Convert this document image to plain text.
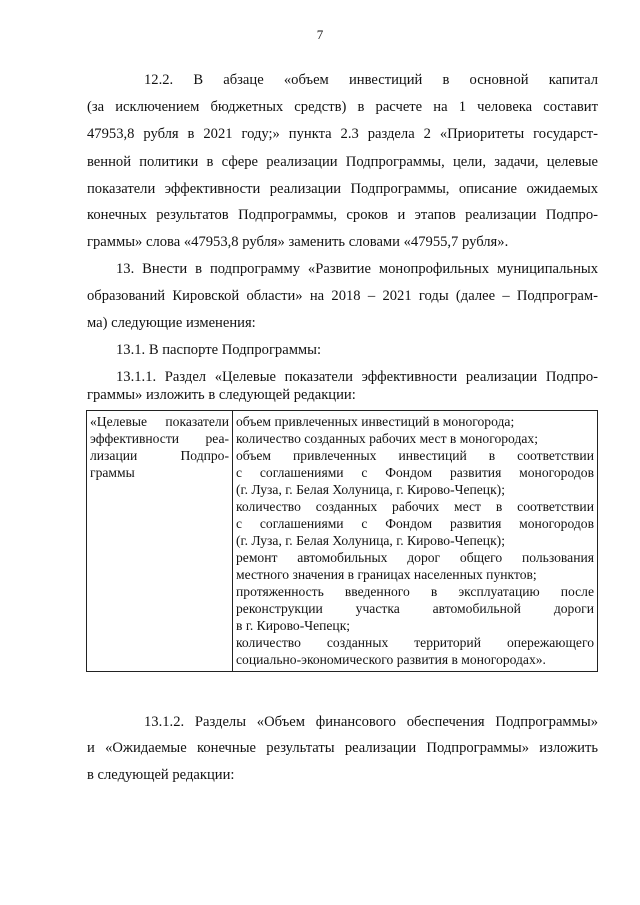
7
12.2. В абзаце «объем инвестиций в основной капитал
(за исключением бюджетных средств) в расчете на 1 человека составит
47953,8 рубля в 2021 году;» пункта 2.3 раздела 2 «Приоритеты государст-
венной политики в сфере реализации Подпрограммы, цели, задачи, целевые
показатели эффективности реализации Подпрограммы, описание ожидаемых
конечных результатов Подпрограммы, сроков и этапов реализации Подпро-
граммы» слова «47953,8 рубля» заменить словами «47955,7 рубля».
13. Внести в подпрограмму «Развитие монопрофильных муниципальных
образований Кировской области» на 2018 – 2021 годы (далее – Подпрограм-
ма) следующие изменения:
13.1. В паспорте Подпрограммы:
13.1.1. Раздел «Целевые показатели эффективности реализации Подпро-
граммы» изложить в следующей редакции:
«Целевые показатели
эффективности реа-
лизации Подпро-
граммы

объем привлеченных инвестиций в моногорода;
количество созданных рабочих мест в моногородах;
объем привлеченных инвестиций в соответствии
с соглашениями с Фондом развития моногородов
(г. Луза, г. Белая Холуница, г. Кирово-Чепецк);
количество созданных рабочих мест в соответствии
с соглашениями с Фондом развития моногородов
(г. Луза, г. Белая Холуница, г. Кирово-Чепецк);
ремонт автомобильных дорог общего пользования
местного значения в границах населенных пунктов;
протяженность введенного в эксплуатацию после
реконструкции участка автомобильной дороги
в г. Кирово-Чепецк;
количество созданных территорий опережающего
социально-экономического развития в моногородах».
13.1.2. Разделы «Объем финансового обеспечения Подпрограммы»
и «Ожидаемые конечные результаты реализации Подпрограммы» изложить
в следующей редакции:
